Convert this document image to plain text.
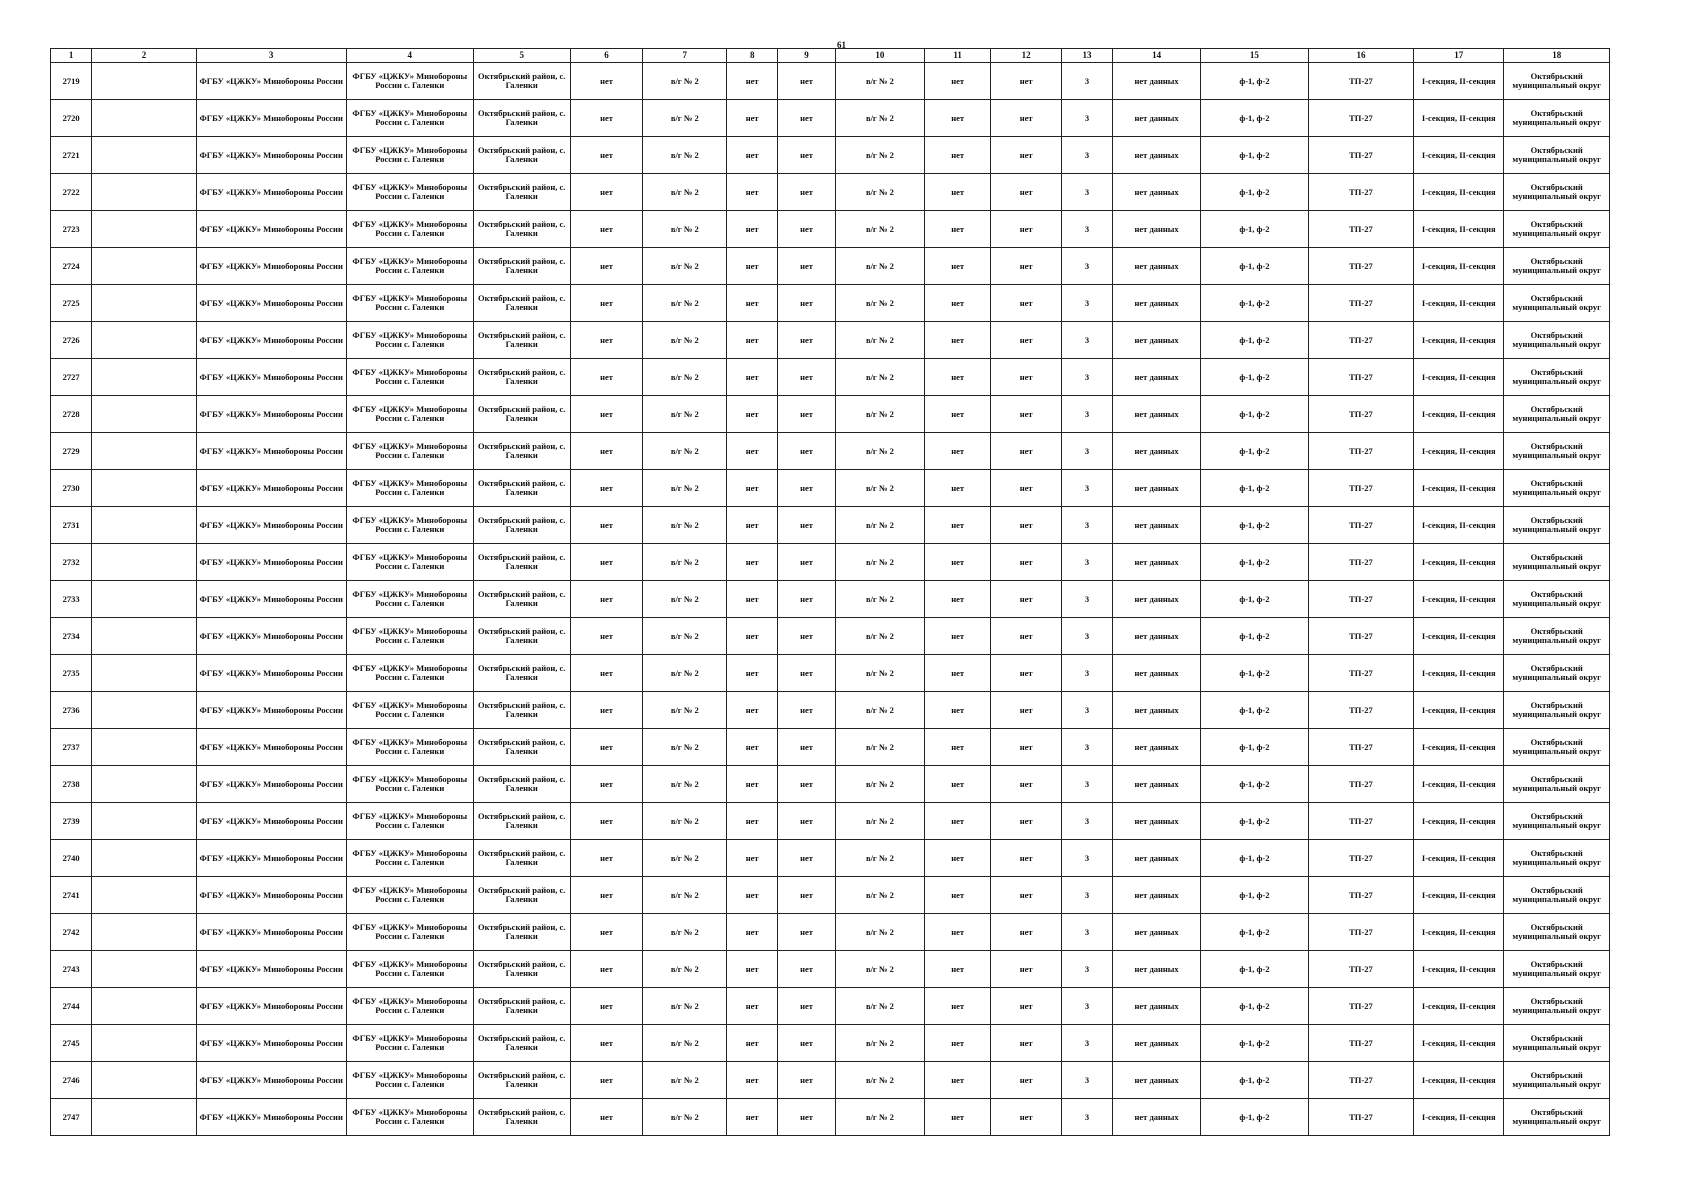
61
1	2	3	4	5	6	7	8	9	10	11	12	13	14	15	16	17	18
2719		ФГБУ «ЦЖКУ» Минобороны России	ФГБУ «ЦЖКУ» Минобороны России с. Галенки	Октябрьский район, с. Галенки	нет	в/г № 2	нет	нет	в/г № 2	нет	нет	3	нет данных	ф-1, ф-2	ТП-27	I-секция, II-секция	Октябрьский муниципальный округ
2720		ФГБУ «ЦЖКУ» Минобороны России	ФГБУ «ЦЖКУ» Минобороны России с. Галенки	Октябрьский район, с. Галенки	нет	в/г № 2	нет	нет	в/г № 2	нет	нет	3	нет данных	ф-1, ф-2	ТП-27	I-секция, II-секция	Октябрьский муниципальный округ
2721		ФГБУ «ЦЖКУ» Минобороны России	ФГБУ «ЦЖКУ» Минобороны России с. Галенки	Октябрьский район, с. Галенки	нет	в/г № 2	нет	нет	в/г № 2	нет	нет	3	нет данных	ф-1, ф-2	ТП-27	I-секция, II-секция	Октябрьский муниципальный округ
2722		ФГБУ «ЦЖКУ» Минобороны России	ФГБУ «ЦЖКУ» Минобороны России с. Галенки	Октябрьский район, с. Галенки	нет	в/г № 2	нет	нет	в/г № 2	нет	нет	3	нет данных	ф-1, ф-2	ТП-27	I-секция, II-секция	Октябрьский муниципальный округ
2723		ФГБУ «ЦЖКУ» Минобороны России	ФГБУ «ЦЖКУ» Минобороны России с. Галенки	Октябрьский район, с. Галенки	нет	в/г № 2	нет	нет	в/г № 2	нет	нет	3	нет данных	ф-1, ф-2	ТП-27	I-секция, II-секция	Октябрьский муниципальный округ
2724		ФГБУ «ЦЖКУ» Минобороны России	ФГБУ «ЦЖКУ» Минобороны России с. Галенки	Октябрьский район, с. Галенки	нет	в/г № 2	нет	нет	в/г № 2	нет	нет	3	нет данных	ф-1, ф-2	ТП-27	I-секция, II-секция	Октябрьский муниципальный округ
2725		ФГБУ «ЦЖКУ» Минобороны России	ФГБУ «ЦЖКУ» Минобороны России с. Галенки	Октябрьский район, с. Галенки	нет	в/г № 2	нет	нет	в/г № 2	нет	нет	3	нет данных	ф-1, ф-2	ТП-27	I-секция, II-секция	Октябрьский муниципальный округ
2726		ФГБУ «ЦЖКУ» Минобороны России	ФГБУ «ЦЖКУ» Минобороны России с. Галенки	Октябрьский район, с. Галенки	нет	в/г № 2	нет	нет	в/г № 2	нет	нет	3	нет данных	ф-1, ф-2	ТП-27	I-секция, II-секция	Октябрьский муниципальный округ
2727		ФГБУ «ЦЖКУ» Минобороны России	ФГБУ «ЦЖКУ» Минобороны России с. Галенки	Октябрьский район, с. Галенки	нет	в/г № 2	нет	нет	в/г № 2	нет	нет	3	нет данных	ф-1, ф-2	ТП-27	I-секция, II-секция	Октябрьский муниципальный округ
2728		ФГБУ «ЦЖКУ» Минобороны России	ФГБУ «ЦЖКУ» Минобороны России с. Галенки	Октябрьский район, с. Галенки	нет	в/г № 2	нет	нет	в/г № 2	нет	нет	3	нет данных	ф-1, ф-2	ТП-27	I-секция, II-секция	Октябрьский муниципальный округ
2729		ФГБУ «ЦЖКУ» Минобороны России	ФГБУ «ЦЖКУ» Минобороны России с. Галенки	Октябрьский район, с. Галенки	нет	в/г № 2	нет	нет	в/г № 2	нет	нет	3	нет данных	ф-1, ф-2	ТП-27	I-секция, II-секция	Октябрьский муниципальный округ
2730		ФГБУ «ЦЖКУ» Минобороны России	ФГБУ «ЦЖКУ» Минобороны России с. Галенки	Октябрьский район, с. Галенки	нет	в/г № 2	нет	нет	в/г № 2	нет	нет	3	нет данных	ф-1, ф-2	ТП-27	I-секция, II-секция	Октябрьский муниципальный округ
2731		ФГБУ «ЦЖКУ» Минобороны России	ФГБУ «ЦЖКУ» Минобороны России с. Галенки	Октябрьский район, с. Галенки	нет	в/г № 2	нет	нет	в/г № 2	нет	нет	3	нет данных	ф-1, ф-2	ТП-27	I-секция, II-секция	Октябрьский муниципальный округ
2732		ФГБУ «ЦЖКУ» Минобороны России	ФГБУ «ЦЖКУ» Минобороны России с. Галенки	Октябрьский район, с. Галенки	нет	в/г № 2	нет	нет	в/г № 2	нет	нет	3	нет данных	ф-1, ф-2	ТП-27	I-секция, II-секция	Октябрьский муниципальный округ
2733		ФГБУ «ЦЖКУ» Минобороны России	ФГБУ «ЦЖКУ» Минобороны России с. Галенки	Октябрьский район, с. Галенки	нет	в/г № 2	нет	нет	в/г № 2	нет	нет	3	нет данных	ф-1, ф-2	ТП-27	I-секция, II-секция	Октябрьский муниципальный округ
2734		ФГБУ «ЦЖКУ» Минобороны России	ФГБУ «ЦЖКУ» Минобороны России с. Галенки	Октябрьский район, с. Галенки	нет	в/г № 2	нет	нет	в/г № 2	нет	нет	3	нет данных	ф-1, ф-2	ТП-27	I-секция, II-секция	Октябрьский муниципальный округ
2735		ФГБУ «ЦЖКУ» Минобороны России	ФГБУ «ЦЖКУ» Минобороны России с. Галенки	Октябрьский район, с. Галенки	нет	в/г № 2	нет	нет	в/г № 2	нет	нет	3	нет данных	ф-1, ф-2	ТП-27	I-секция, II-секция	Октябрьский муниципальный округ
2736		ФГБУ «ЦЖКУ» Минобороны России	ФГБУ «ЦЖКУ» Минобороны России с. Галенки	Октябрьский район, с. Галенки	нет	в/г № 2	нет	нет	в/г № 2	нет	нет	3	нет данных	ф-1, ф-2	ТП-27	I-секция, II-секция	Октябрьский муниципальный округ
2737		ФГБУ «ЦЖКУ» Минобороны России	ФГБУ «ЦЖКУ» Минобороны России с. Галенки	Октябрьский район, с. Галенки	нет	в/г № 2	нет	нет	в/г № 2	нет	нет	3	нет данных	ф-1, ф-2	ТП-27	I-секция, II-секция	Октябрьский муниципальный округ
2738		ФГБУ «ЦЖКУ» Минобороны России	ФГБУ «ЦЖКУ» Минобороны России с. Галенки	Октябрьский район, с. Галенки	нет	в/г № 2	нет	нет	в/г № 2	нет	нет	3	нет данных	ф-1, ф-2	ТП-27	I-секция, II-секция	Октябрьский муниципальный округ
2739		ФГБУ «ЦЖКУ» Минобороны России	ФГБУ «ЦЖКУ» Минобороны России с. Галенки	Октябрьский район, с. Галенки	нет	в/г № 2	нет	нет	в/г № 2	нет	нет	3	нет данных	ф-1, ф-2	ТП-27	I-секция, II-секция	Октябрьский муниципальный округ
2740		ФГБУ «ЦЖКУ» Минобороны России	ФГБУ «ЦЖКУ» Минобороны России с. Галенки	Октябрьский район, с. Галенки	нет	в/г № 2	нет	нет	в/г № 2	нет	нет	3	нет данных	ф-1, ф-2	ТП-27	I-секция, II-секция	Октябрьский муниципальный округ
2741		ФГБУ «ЦЖКУ» Минобороны России	ФГБУ «ЦЖКУ» Минобороны России с. Галенки	Октябрьский район, с. Галенки	нет	в/г № 2	нет	нет	в/г № 2	нет	нет	3	нет данных	ф-1, ф-2	ТП-27	I-секция, II-секция	Октябрьский муниципальный округ
2742		ФГБУ «ЦЖКУ» Минобороны России	ФГБУ «ЦЖКУ» Минобороны России с. Галенки	Октябрьский район, с. Галенки	нет	в/г № 2	нет	нет	в/г № 2	нет	нет	3	нет данных	ф-1, ф-2	ТП-27	I-секция, II-секция	Октябрьский муниципальный округ
2743		ФГБУ «ЦЖКУ» Минобороны России	ФГБУ «ЦЖКУ» Минобороны России с. Галенки	Октябрьский район, с. Галенки	нет	в/г № 2	нет	нет	в/г № 2	нет	нет	3	нет данных	ф-1, ф-2	ТП-27	I-секция, II-секция	Октябрьский муниципальный округ
2744		ФГБУ «ЦЖКУ» Минобороны России	ФГБУ «ЦЖКУ» Минобороны России с. Галенки	Октябрьский район, с. Галенки	нет	в/г № 2	нет	нет	в/г № 2	нет	нет	3	нет данных	ф-1, ф-2	ТП-27	I-секция, II-секция	Октябрьский муниципальный округ
2745		ФГБУ «ЦЖКУ» Минобороны России	ФГБУ «ЦЖКУ» Минобороны России с. Галенки	Октябрьский район, с. Галенки	нет	в/г № 2	нет	нет	в/г № 2	нет	нет	3	нет данных	ф-1, ф-2	ТП-27	I-секция, II-секция	Октябрьский муниципальный округ
2746		ФГБУ «ЦЖКУ» Минобороны России	ФГБУ «ЦЖКУ» Минобороны России с. Галенки	Октябрьский район, с. Галенки	нет	в/г № 2	нет	нет	в/г № 2	нет	нет	3	нет данных	ф-1, ф-2	ТП-27	I-секция, II-секция	Октябрьский муниципальный округ
2747		ФГБУ «ЦЖКУ» Минобороны России	ФГБУ «ЦЖКУ» Минобороны России с. Галенки	Октябрьский район, с. Галенки	нет	в/г № 2	нет	нет	в/г № 2	нет	нет	3	нет данных	ф-1, ф-2	ТП-27	I-секция, II-секция	Октябрьский муниципальный округ
